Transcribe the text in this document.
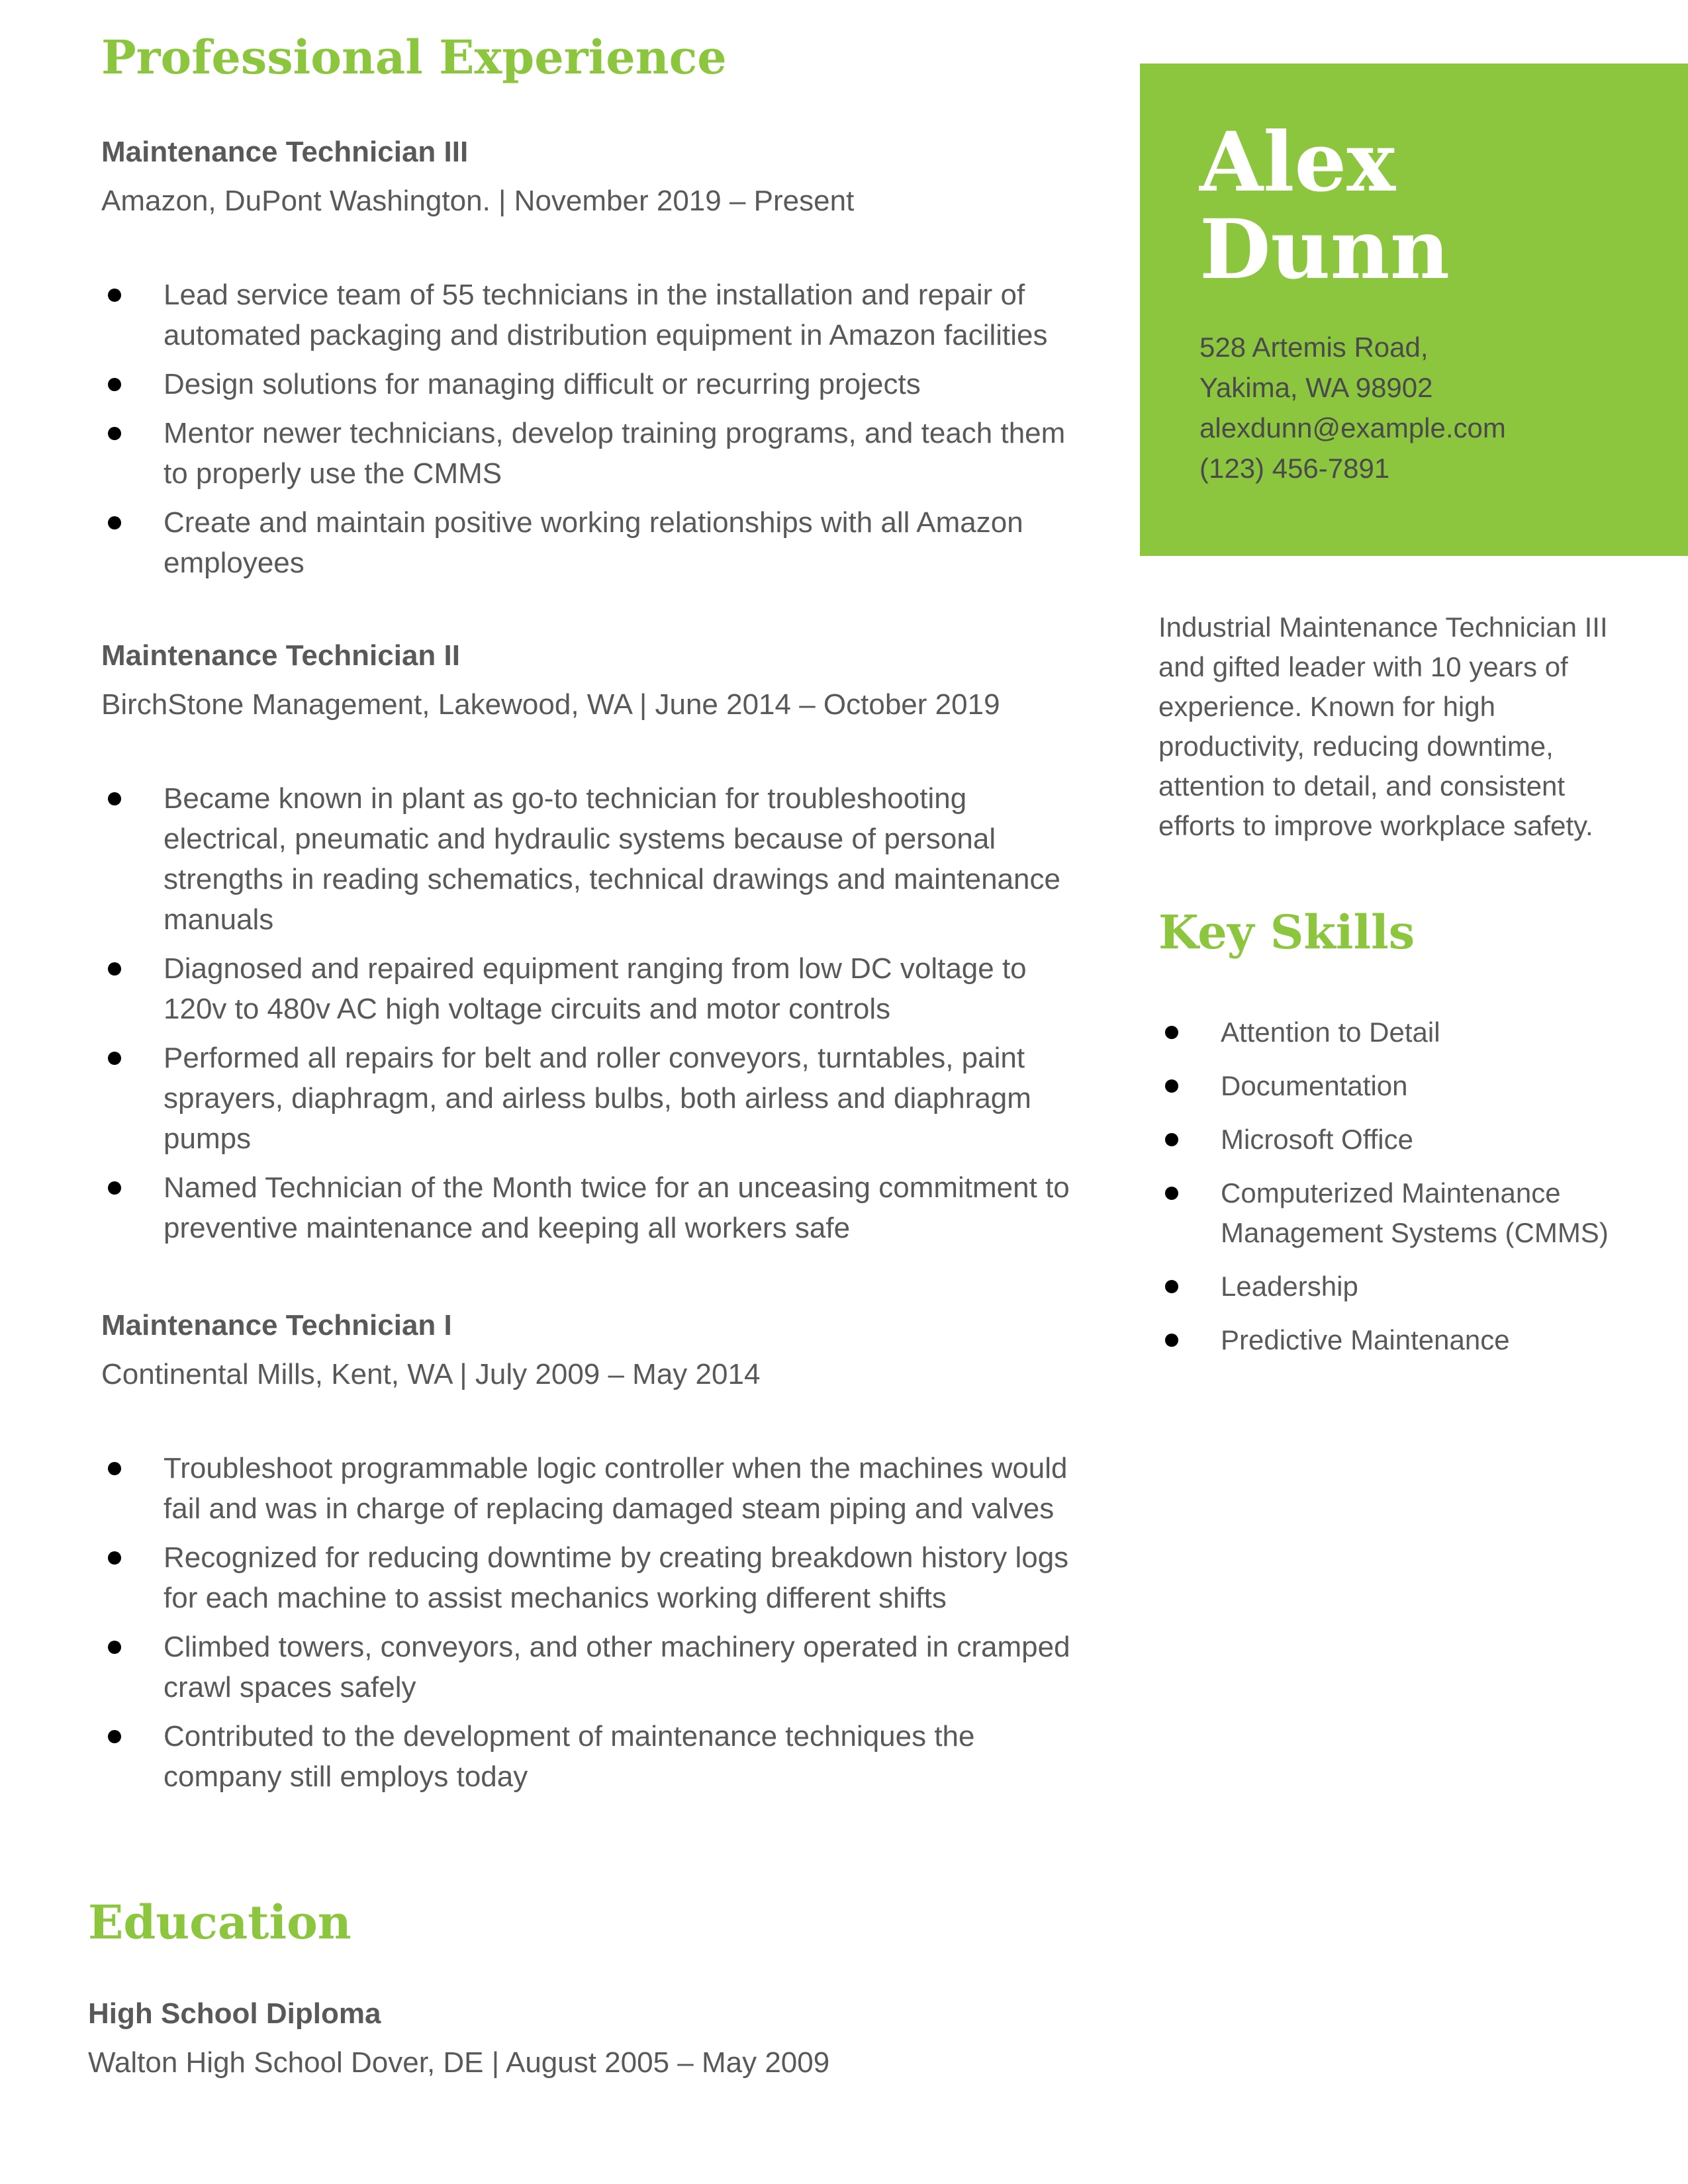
Professional Experience
Maintenance Technician III
Amazon, DuPont Washington. | November 2019 – Present
Lead service team of 55 technicians in the installation and repair of automated packaging and distribution equipment in Amazon facilities
Design solutions for managing difficult or recurring projects
Mentor newer technicians, develop training programs, and teach them to properly use the CMMS
Create and maintain positive working relationships with all Amazon employees
Maintenance Technician II
BirchStone Management, Lakewood, WA | June 2014 – October 2019
Became known in plant as go-to technician for troubleshooting electrical, pneumatic and hydraulic systems because of personal strengths in reading schematics, technical drawings and maintenance manuals
Diagnosed and repaired equipment ranging from low DC voltage to 120v to 480v AC high voltage circuits and motor controls
Performed all repairs for belt and roller conveyors, turntables, paint sprayers, diaphragm, and airless bulbs, both airless and diaphragm pumps
Named Technician of the Month twice for an unceasing commitment to preventive maintenance and keeping all workers safe
Maintenance Technician I
Continental Mills, Kent, WA | July 2009 – May 2014
Troubleshoot programmable logic controller when the machines would fail and was in charge of replacing damaged steam piping and valves
Recognized for reducing downtime by creating breakdown history logs for each machine to assist mechanics working different shifts
Climbed towers, conveyors, and other machinery operated in cramped crawl spaces safely
Contributed to the development of maintenance techniques the company still employs today
Education
High School Diploma
Walton High School Dover, DE | August 2005 – May 2009
Alex
Dunn
528 Artemis Road,
Yakima, WA 98902
alexdunn@example.com
(123) 456-7891
Industrial Maintenance Technician III and gifted leader with 10 years of experience. Known for high productivity, reducing downtime, attention to detail, and consistent efforts to improve workplace safety.
Key Skills
Attention to Detail
Documentation
Microsoft Office
Computerized Maintenance Management Systems (CMMS)
Leadership
Predictive Maintenance
